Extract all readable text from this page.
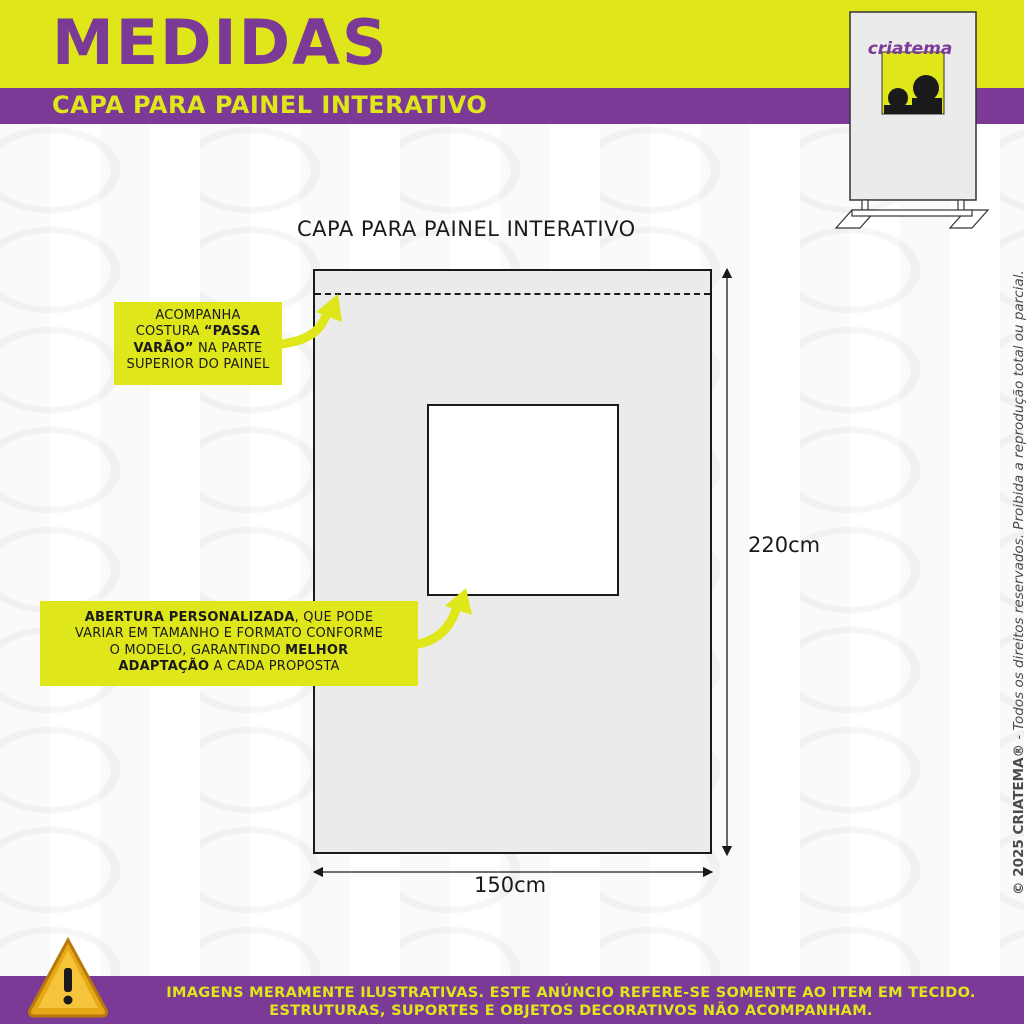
MEDIDAS
CAPA PARA PAINEL INTERATIVO
criatema
© 2025 CRIATEMA® - Todos os direitos reservados. Proibida a reprodução total ou parcial.
CAPA PARA PAINEL INTERATIVO
150cm
220cm
ACOMPANHA
COSTURA “PASSA
VARÃO” NA PARTE
SUPERIOR DO PAINEL
ABERTURA PERSONALIZADA, QUE PODE
VARIAR EM TAMANHO E FORMATO CONFORME
O MODELO, GARANTINDO MELHOR
ADAPTAÇÃO A CADA PROPOSTA
IMAGENS MERAMENTE ILUSTRATIVAS. ESTE ANÚNCIO REFERE-SE SOMENTE AO ITEM EM TECIDO.
ESTRUTURAS, SUPORTES E OBJETOS DECORATIVOS NÃO ACOMPANHAM.
